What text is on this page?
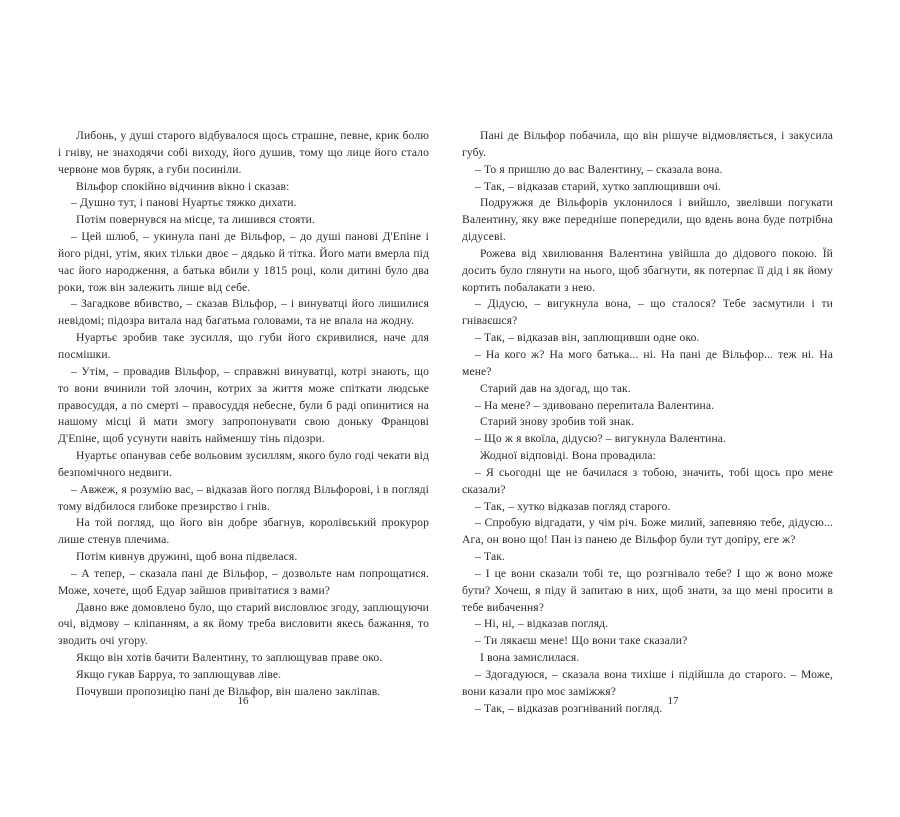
Либонь, у душі старого відбувалося щось страшне, певне, крик болю і гніву, не знаходячи собі виходу, його душив, тому що лице його стало червоне мов буряк, а губи посиніли.

Вільфор спокійно відчинив вікно і сказав:

– Душно тут, і панові Нуартьє тяжко дихати.

Потім повернувся на місце, та лишився стояти.

– Цей шлюб, – укинула пані де Вільфор, – до душі панові Д'Епіне і його рідні, утім, яких тільки двоє – дядько й тітка. Його мати вмерла під час його народження, а батька вбили у 1815 році, коли дитині було два роки, тож він залежить лише від себе.

– Загадкове вбивство, – сказав Вільфор, – і винуватці його лишилися невідомі; підозра витала над багатьма головами, та не впала на жодну.

Нуартьє зробив таке зусилля, що губи його скривилися, наче для посмішки.

– Утім, – провадив Вільфор, – справжні винуватці, котрі знають, що то вони вчинили той злочин, котрих за життя може спіткати людське правосуддя, а по смерті – правосуддя небесне, були б раді опинитися на нашому місці й мати змогу запропонувати свою доньку Францові Д'Епіне, щоб усунути навіть найменшу тінь підозри.

Нуартьє опанував себе вольовим зусиллям, якого було годі чекати від безпомічного недвиги.

– Авжеж, я розумію вас, – відказав його погляд Вільфорові, і в погляді тому відбилося глибоке презирство і гнів.

На той погляд, що його він добре збагнув, королівський прокурор лише стенув плечима.

Потім кивнув дружині, щоб вона підвелася.

– А тепер, – сказала пані де Вільфор, – дозвольте нам попрощатися. Може, хочете, щоб Едуар зайшов привітатися з вами?

Давно вже домовлено було, що старий висловлює згоду, заплющуючи очі, відмову – кліпанням, а як йому треба висловити якесь бажання, то зводить очі угору.

Якщо він хотів бачити Валентину, то заплющував праве око.

Якщо гукав Барруа, то заплющував ліве.

Почувши пропозицію пані де Вільфор, він шалено закліпав.

16

Пані де Вільфор побачила, що він рішуче відмовляється, і закусила губу.

– То я пришлю до вас Валентину, – сказала вона.

– Так, – відказав старий, хутко заплющивши очі.

Подружжя де Вільфорів уклонилося і вийшло, звелівши погукати Валентину, яку вже передніше попередили, що вдень вона буде потрібна дідусеві.

Рожева від хвилювання Валентина увійшла до дідового покою. Їй досить було глянути на нього, щоб збагнути, як потерпає її дід і як йому кортить побалакати з нею.

– Дідусю, – вигукнула вона, – що сталося? Тебе засмутили і ти гніваєшся?

– Так, – відказав він, заплющивши одне око.

– На кого ж? На мого батька... ні. На пані де Вільфор... теж ні. На мене?

Старий дав на здогад, що так.

– На мене? – здивовано перепитала Валентина.

Старий знову зробив той знак.

– Що ж я вкоїла, дідусю? – вигукнула Валентина.

Жодної відповіді. Вона провадила:

– Я сьогодні ще не бачилася з тобою, значить, тобі щось про мене сказали?

– Так, – хутко відказав погляд старого.

– Спробую відгадати, у чім річ. Боже милий, запевняю тебе, дідусю... Ага, он воно що! Пан із панею де Вільфор були тут допіру, еге ж?

– Так.

– І це вони сказали тобі те, що розгнівало тебе? І що ж воно може бути? Хочеш, я піду й запитаю в них, щоб знати, за що мені просити в тебе вибачення?

– Ні, ні, – відказав погляд.

– Ти лякаєш мене! Що вони таке сказали?

І вона замислилася.

– Здогадуюся, – сказала вона тихіше і підійшла до старого. – Може, вони казали про моє заміжжя?

– Так, – відказав розгніваний погляд.

17
